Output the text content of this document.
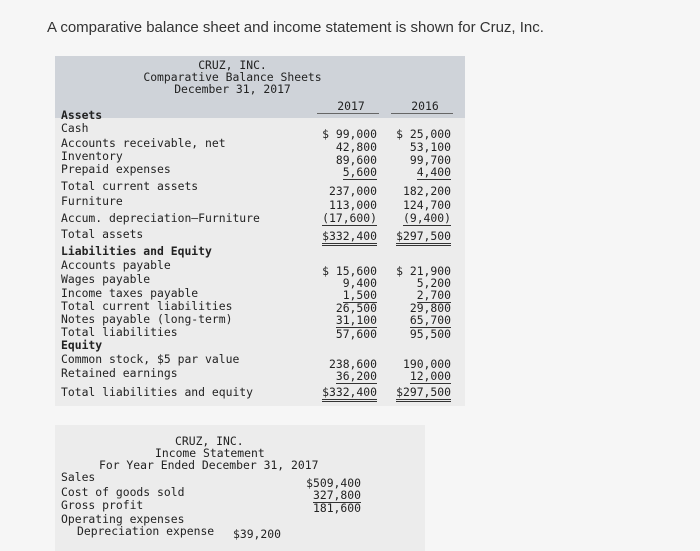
A comparative balance sheet and income statement is shown for Cruz, Inc.
CRUZ, INC.
Comparative Balance Sheets
December 31, 2017
2017	2016
Assets
Cash	$ 99,000	$ 25,000
Accounts receivable, net	42,800	53,100
Inventory	89,600	99,700
Prepaid expenses	5,600	4,400
Total current assets	237,000	182,200
Furniture	113,000	124,700
Accum. depreciation—Furniture	(17,600)	(9,400)
Total assets	$332,400	$297,500
Liabilities and Equity
Accounts payable	$ 15,600	$ 21,900
Wages payable	9,400	5,200
Income taxes payable	1,500	2,700
Total current liabilities	26,500	29,800
Notes payable (long-term)	31,100	65,700
Total liabilities	57,600	95,500
Equity
Common stock, $5 par value	238,600	190,000
Retained earnings	36,200	12,000
Total liabilities and equity	$332,400	$297,500
CRUZ, INC.
Income Statement
For Year Ended December 31, 2017
Sales	$509,400
Cost of goods sold	327,800
Gross profit	181,600
Operating expenses
Depreciation expense	$39,200
